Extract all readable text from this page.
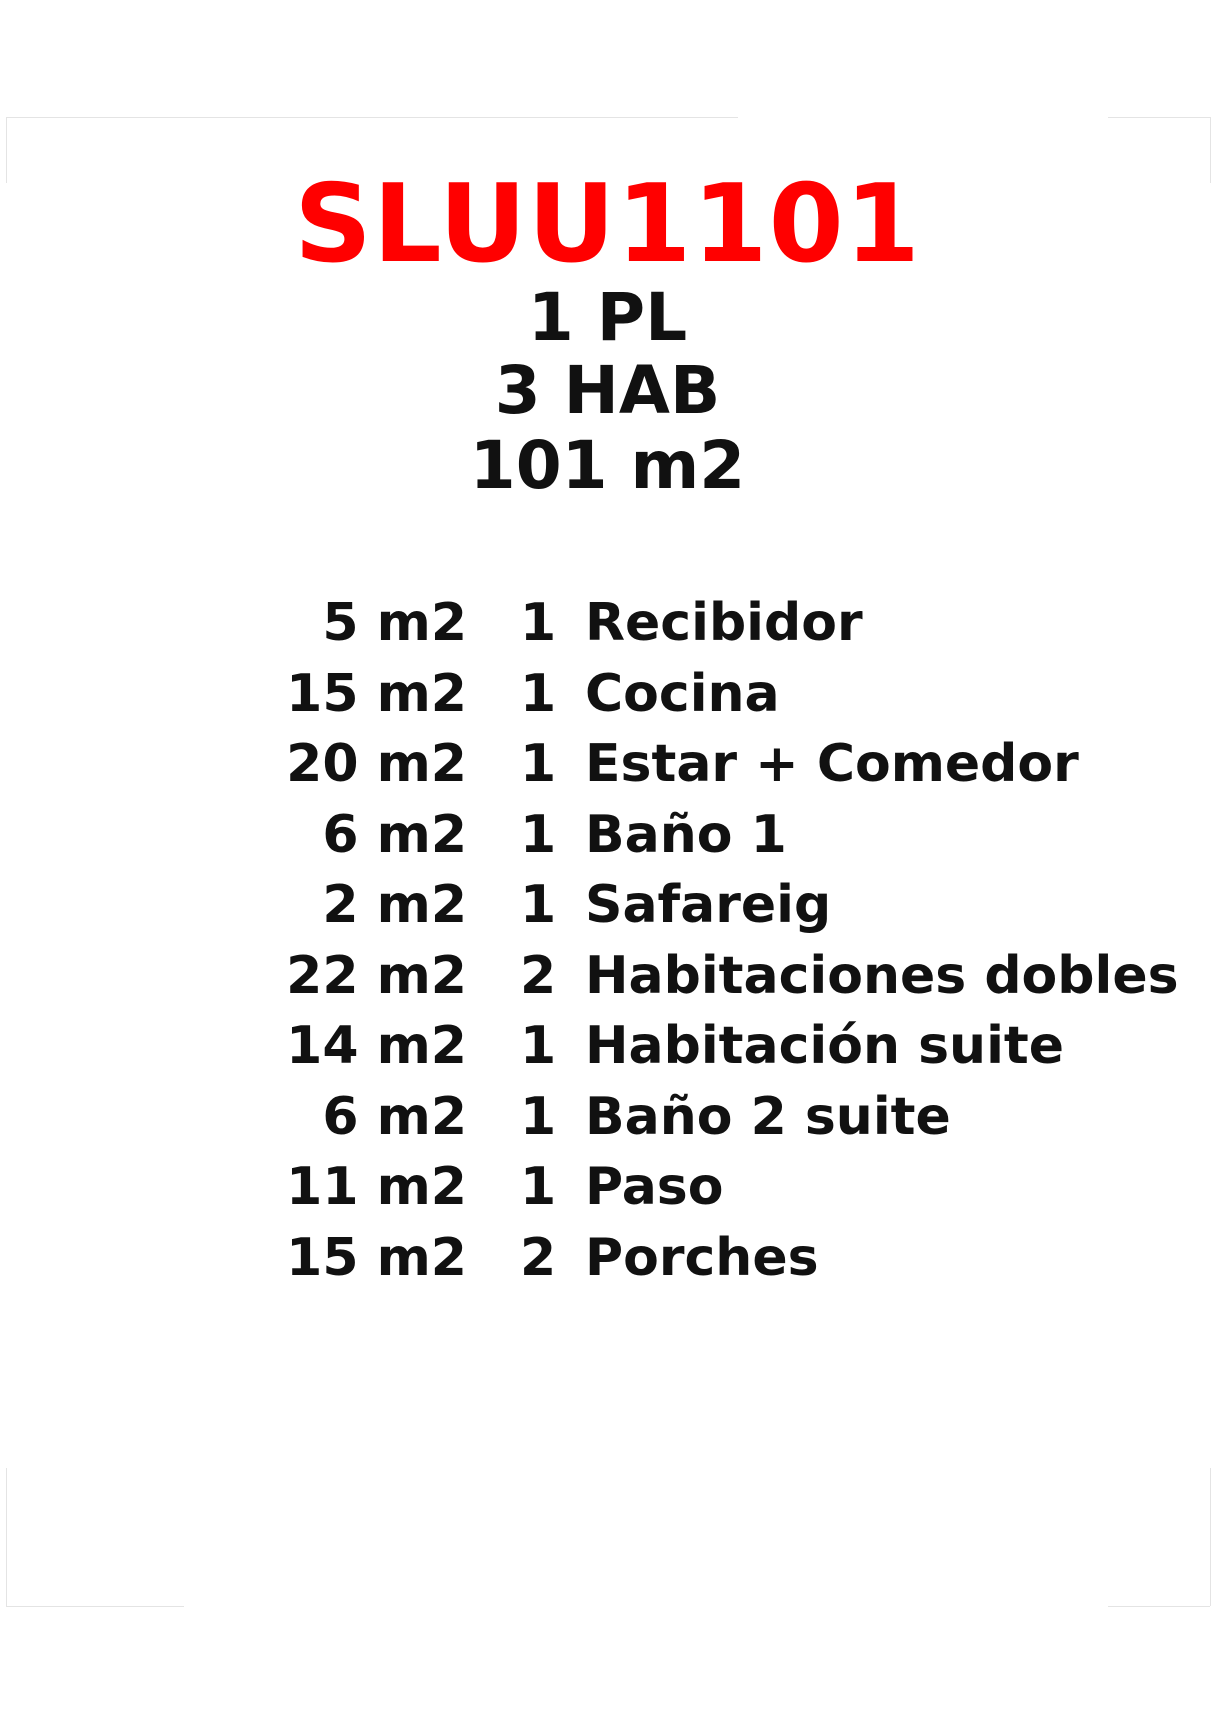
SLUU1101
1 PL
3 HAB
101 m2
5 m2 1 Recibidor
15 m2 1 Cocina
20 m2 1 Estar + Comedor
6 m2 1 Baño 1
2 m2 1 Safareig
22 m2 2 Habitaciones dobles
14 m2 1 Habitación suite
6 m2 1 Baño 2 suite
11 m2 1 Paso
15 m2 2 Porches
